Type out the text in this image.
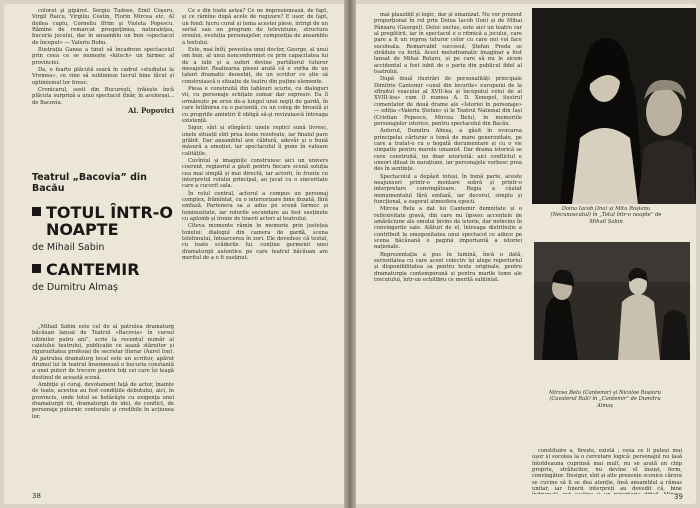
colorat şi pipăret. Sergiu Tudose, Emil Coşeru, Virgil Raicu, Virgiliu Costin, Florin Mircea etc. Al doilea cuplu, Corneliu Ifrim şi Violeta Popescu. Rămîne de remarcat prospeţimea, naturaleţea, bucuria jocului, dar în ansamblu un bun «spectacol de început» — Valeriu Bobu.

Ilustrația Ganea a tinut să încadreze spectacolul prin ceea ce se numește «kitsch» un farmec al provinciei.

Da, o foarte plăcută seară în cadrul «studiului la Vremea», ce vine să sublinieze lucrul bine făcut și optimismul lor firesc.

Cronicarul, sosit din București, trăiește încă plăcuta surpriză a unui spectacol tînăr, în acelorași... de Bacovia.

Al. Popovici
Teatrul „Bacovia” din Bacău
TOTUL ÎNTR-O
NOAPTE
de Mihail Sabin
CANTEMIR
de Dumitru Almaș

„Mihail Sabin este cel de al patrulea dramaturg băcăuan lansat de Teatrul «Bacovia» în cursul ultimilor patru ani”, scrie la recentul număr al caietului teatrului, publicație ce așază stăruitor și rigurozitatea profesiei de secretar literar (Aurel Ion). Al patrulea dramaturg local este un scriitor, apărut drumul lui în teatrul însemnează o bucuria constantă a unei puteri de trecere pentru toţi cei care își leagă destinul de această scenă.

Ambiţie și curaj, devotament faţă de actor, înainte de toate, acestea au fost condițiile debutului, aici, în provincie, unde totul se hotărăşte cu exigenţa unei dramaturgii vii, dramaturgii de idei, de conflict, de personaje puternic conturate și credibile în acțiunea lor.

Ce e din toate astea? Ce ne impresionează, de fapt, și ce rămîne după acele de regizare? E ușor, de fapt, un fond: lucru curat și tema acestei piese, intrigi de un serial sau un program de televiziune, structura eroului, evoluția personajelor, compoziția de ansamblu a textului.

Este, mai întîi, povestea unui doctor, George, al unui om bun, al unui nonconformist ce prin capacitatea lui de a iubi și a suferi devine purtătorul tuturor mesajelor. Realizarea piesei arată că e vorba de un talent dramatic deosebit, de un scriitor ce știe să construiască o situație de teatru din puține elemente.

Piesa e construită din tablouri scurte, cu dialoguri vii, cu personaje schițate sumar dar expresiv. Ea îl urmărește pe erou de-a lungul unei nopți de gardă, în care întîlnirea cu o pacientă, cu un coleg de breaslă și cu propriile amintiri îl obligă să-și revizuiască întreaga existență.

Sigur, sînt și stîngăcii: unele replici sună livresc, unele situații sînt prea lesne rezolvate, iar finalul pare grăbit. Dar ansamblul are căldură, adevăr și o bună măsură a emoției, iar spectacolul îi pune în valoare calitățile.

Cuvîntul și imaginile construiesc aici un univers coerent, regizorul a găsit pentru fiecare scenă soluția cea mai simplă și mai directă, iar actorii, în frunte cu interpretul rolului principal, au jucat cu o sinceritate care a cucerit sala.

În rolul central, actorul a compus un personaj complex, frămîntat, cu o interiorizare bine dozată, fără emfază. Partenera sa a adus pe scenă farmec și luminozitate, iar rolurile secundare au fost susținute cu aplomb și ironie de tinerii actori ai teatrului.

Cîteva momente rămîn în memorie prin justețea tonului: dialogul din camera de gardă, scena telefonului, întoarcerea în zori. Ele dovedesc că textul, cu toate scăderile lui, conține germenii unei dramaturgii autentice pe care teatrul băcăuan are meritul de a o fi susținut.

38

mai plauzibil și logic, dar și umanizat. Nu vor prezent proporțional în rol prin Doina Iacob (Ion) și de Mihai Pânzaru (Georgel). Deloc exclus, este aici un teatru rar al pregătirii, iar în spectacol e o ritmică a jocului, care pare a fi un reproș tuturor celor cu care noi voi face socoteala. Remarcabil succesul, Ștefan Preda se străduie cu forță. Acest melodramatic imaginar a fost lansat de Mihai Rotaru, și pe care să nu le zicem accidentul a fost iubit de o parte din publicul fidel al teatrului.

După două ilustrări de personalități principale Dimitrie Cantemir «unul din locurile» europenii de la sfîrșitul veacului al XVII-lea și începutul celui de al XVIII-lea» cum îl numea A. D. Xenopol, ilustrul comentator de două drame ale «Istoriei în personaje» — ediția «Valeriu Ștefan» și le Teatrul National din Iași (Cristian Popescu, Mircea Belu), în memoriile personajelor istorice, pentru spectacolul din Bacău.

Autorul, Dumitru Almaș, a găsit în evocarea principelui cărturar o temă de mare generozitate, pe care a tratat-o cu o bogată documentare și cu o vie simpatie pentru marele umanist. Dar drama istorică se cere construită, nu doar istorisită: aici conflictul e uneori diluat în narațiune, iar personajele vorbesc prea des în sentințe.

Spectacolul a depășit totuși, în bună parte, aceste neajunsuri printr-o montare sobră și printr-o interpretare convingătoare. Regia a căutat monumentalul fără emfază, iar decorul, simplu și funcțional, a sugerat atmosfera epocii.

Mircea Belu a dat lui Cantemir demnitate și o reflexivitate gravă, din care nu lipsesc accentele de amărăciune ale omului învins de istorie, dar neînvins în convingerile sale. Alături de el, întreaga distribuție a contribuit la omogenitatea unui spectacol ce aduce pe scena băcăuană o pagină importantă a istoriei naționale.

Reprezentația a pus în lumină, încă o dată, seriozitatea cu care acest colectiv își alege repertoriul și disponibilitatea sa pentru texte originale, pentru dramaturgia contemporană și pentru marile teme ale trecutului, într-un echilibru ce merită subliniat.

Doina Iacob (Ina) și Mitu Roșianu (Necunoscutul) în „Totul într-o noapte” de Mihail Sabin
Mircea Belu (Cantemir) și Nicolae Roșioru (Cavalerul Rali) în „Cantemir” de Dumitru Almaș

constituire a, firește, există ; ceea ce li puteși mai ușor și socotea la o cercetare logică: personajul nu lasă întotdeauna cuprinsă mai mult, nu se arată un chip propriu, strălucitor, nu devine el însuși, ferm, convingător. Desigur, sînt și alte prezențe scenice cărora se cuvine să li se dea atenție, însă ansamblul a rămas unitar, iar tinerii interpreți au dovedit că, bine

39
